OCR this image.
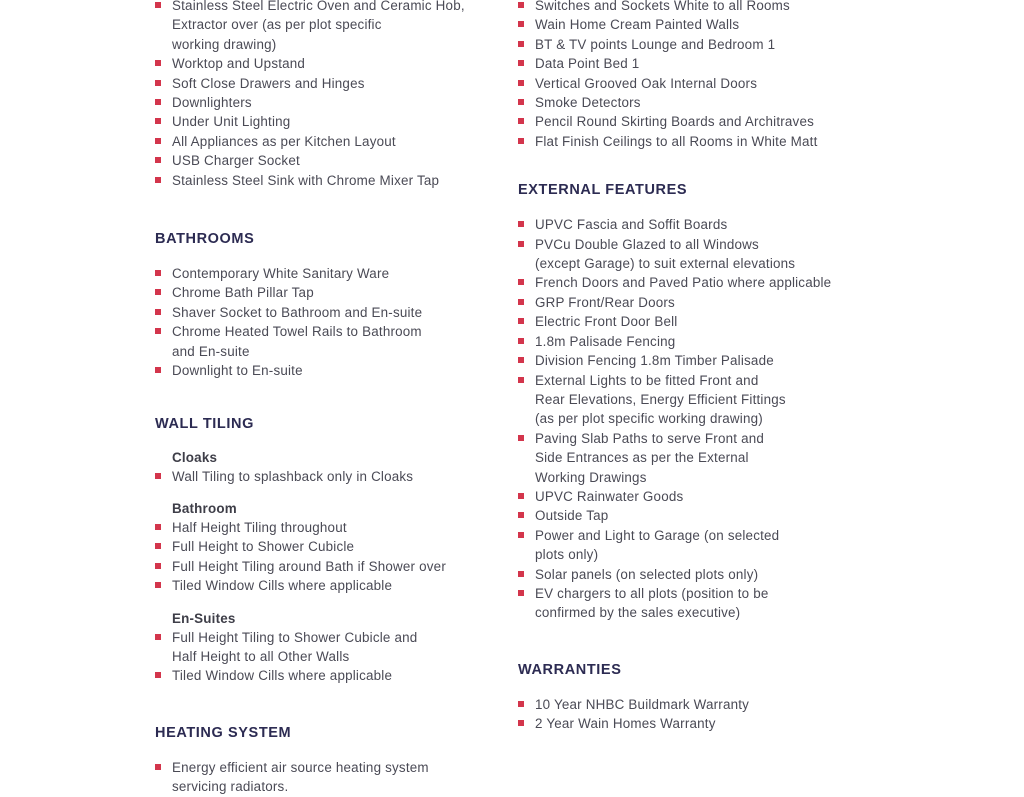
Stainless Steel Electric Oven and Ceramic Hob,
Extractor over (as per plot specific
working drawing)
Worktop and Upstand
Soft Close Drawers and Hinges
Downlighters
Under Unit Lighting
All Appliances as per Kitchen Layout
USB Charger Socket
Stainless Steel Sink with Chrome Mixer Tap
BATHROOMS
Contemporary White Sanitary Ware
Chrome Bath Pillar Tap
Shaver Socket to Bathroom and En-suite
Chrome Heated Towel Rails to Bathroom
and En-suite
Downlight to En-suite
WALL TILING
Cloaks
Wall Tiling to splashback only in Cloaks
Bathroom
Half Height Tiling throughout
Full Height to Shower Cubicle
Full Height Tiling around Bath if Shower over
Tiled Window Cills where applicable
En-Suites
Full Height Tiling to Shower Cubicle and
Half Height to all Other Walls
Tiled Window Cills where applicable
HEATING SYSTEM
Energy efficient air source heating system
servicing radiators.
Switches and Sockets White to all Rooms
Wain Home Cream Painted Walls
BT & TV points Lounge and Bedroom 1
Data Point Bed 1
Vertical Grooved Oak Internal Doors
Smoke Detectors
Pencil Round Skirting Boards and Architraves
Flat Finish Ceilings to all Rooms in White Matt
EXTERNAL FEATURES
UPVC Fascia and Soffit Boards
PVCu Double Glazed to all Windows
(except Garage) to suit external elevations
French Doors and Paved Patio where applicable
GRP Front/Rear Doors
Electric Front Door Bell
1.8m Palisade Fencing
Division Fencing 1.8m Timber Palisade
External Lights to be fitted Front and
Rear Elevations, Energy Efficient Fittings
(as per plot specific working drawing)
Paving Slab Paths to serve Front and
Side Entrances as per the External
Working Drawings
UPVC Rainwater Goods
Outside Tap
Power and Light to Garage (on selected
plots only)
Solar panels (on selected plots only)
EV chargers to all plots (position to be
confirmed by the sales executive)
WARRANTIES
10 Year NHBC Buildmark Warranty
2 Year Wain Homes Warranty
